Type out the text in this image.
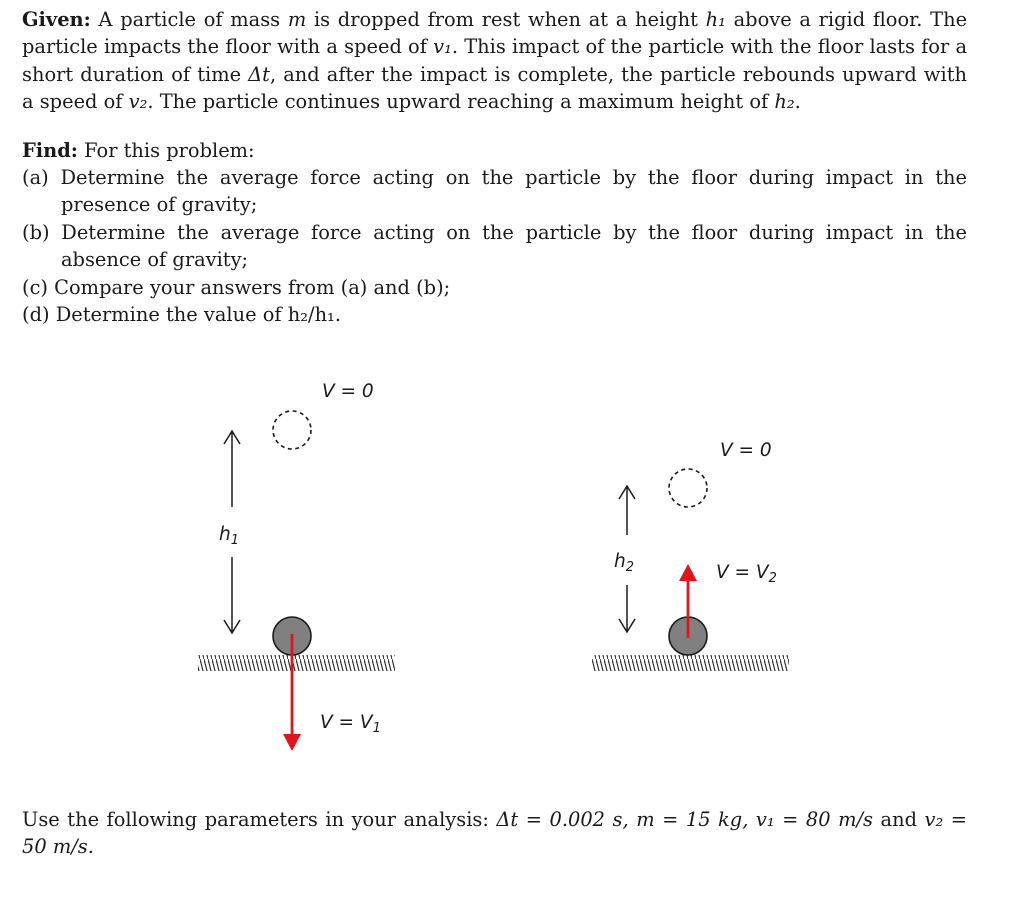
Given: A particle of mass m is dropped from rest when at a height h₁ above a rigid floor. The particle impacts the floor with a speed of v₁. This impact of the particle with the floor lasts for a short duration of time Δt, and after the impact is complete, the particle rebounds upward with a speed of v₂. The particle continues upward reaching a maximum height of h₂.

Find: For this problem:

(a) Determine the average force acting on the particle by the floor during impact in the presence of gravity;
(b) Determine the average force acting on the particle by the floor during impact in the absence of gravity;
(c) Compare your answers from (a) and (b);
(d) Determine the value of h₂/h₁.
V = 0
$h_1$
$V = V_1$
V = 0
$h_2$	$V = V_2$

Use the following parameters in your analysis: Δt = 0.002 s, m = 15 kg, v₁ = 80 m/s and v₂ = 50 m/s.
